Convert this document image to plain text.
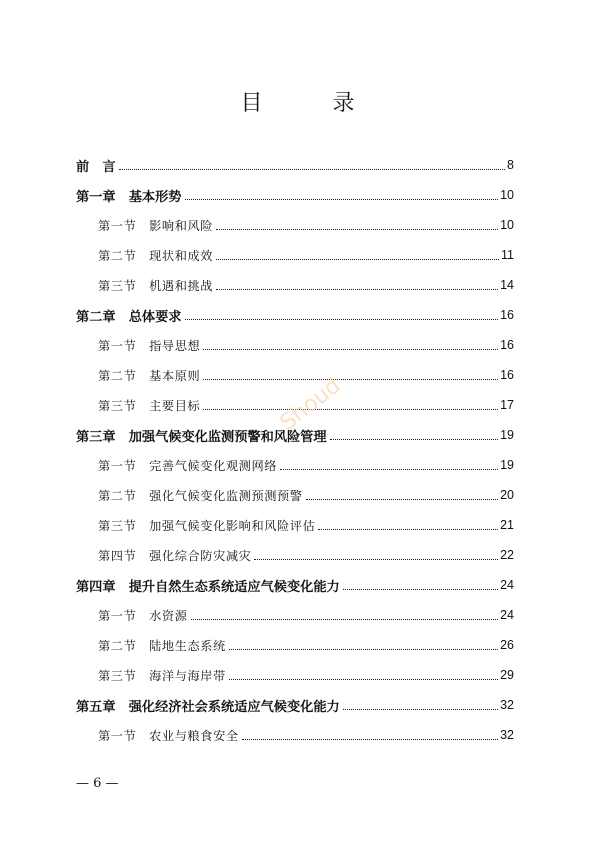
目　录
前　言	8
第一章　基本形势	10
第一节　影响和风险	10
第二节　现状和成效	11
第三节　机遇和挑战	14
第二章　总体要求	16
第一节　指导思想	16
第二节　基本原则	16
第三节　主要目标	17
第三章　加强气候变化监测预警和风险管理	19
第一节　完善气候变化观测网络	19
第二节　强化气候变化监测预测预警	20
第三节　加强气候变化影响和风险评估	21
第四节　强化综合防灾减灾	22
第四章　提升自然生态系统适应气候变化能力	24
第一节　水资源	24
第二节　陆地生态系统	26
第三节　海洋与海岸带	29
第五章　强化经济社会系统适应气候变化能力	32
第一节　农业与粮食安全	32
Shoud
— 6 —
